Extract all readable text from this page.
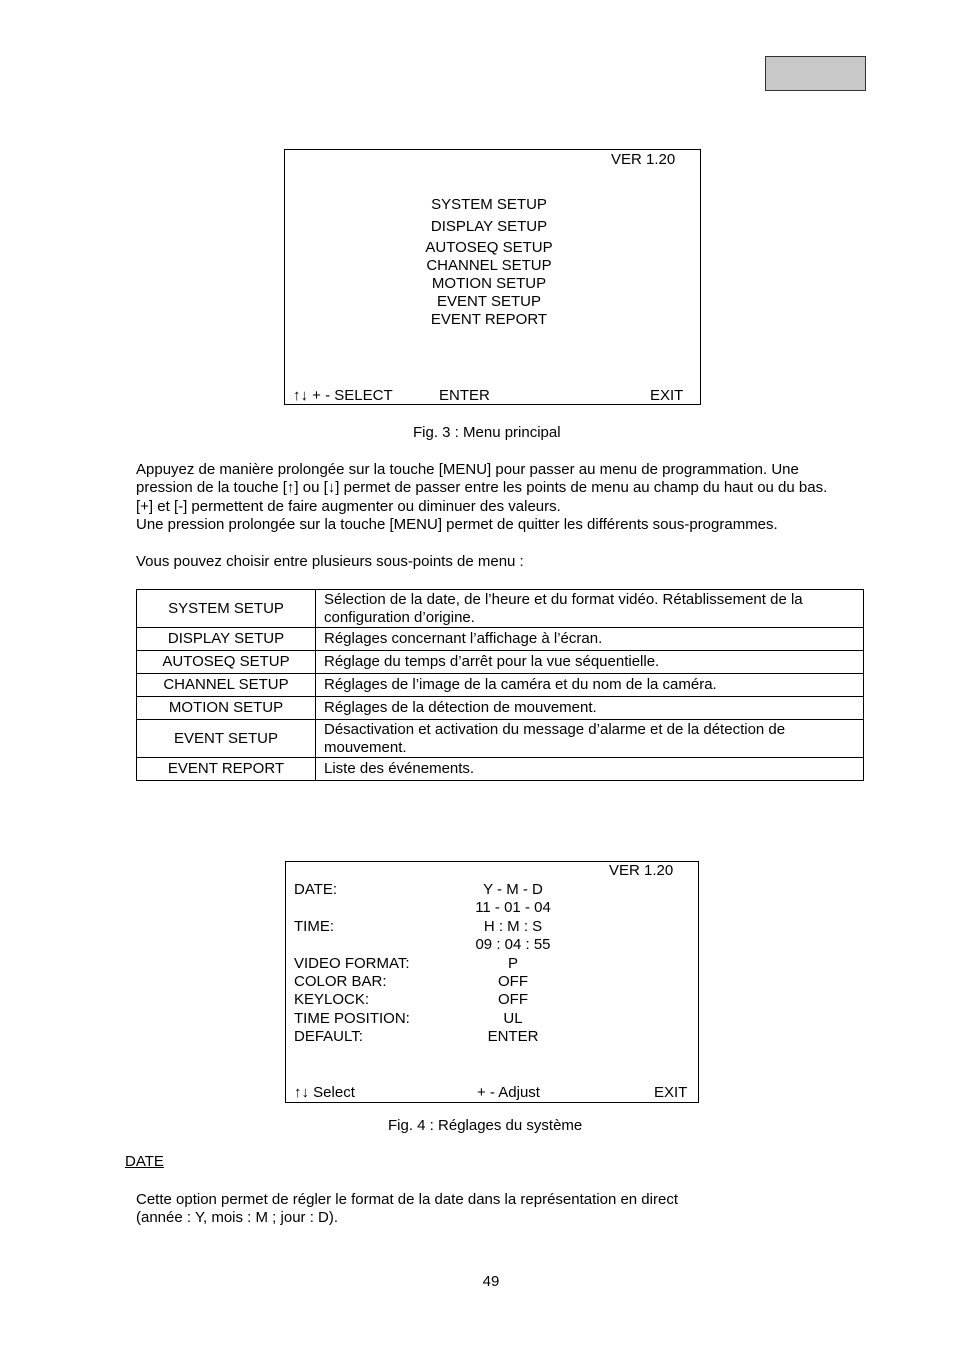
VER 1.20
SYSTEM SETUP
DISPLAY SETUP
AUTOSEQ SETUP
CHANNEL SETUP
MOTION SETUP
EVENT SETUP
EVENT REPORT
↑↓ + - SELECT	ENTER	EXIT
Fig. 3 : Menu principal

Appuyez de manière prolongée sur la touche [MENU] pour passer au menu de programmation. Une

pression de la touche [↑] ou [↓] permet de passer entre les points de menu au champ du haut ou du bas.

[+] et [-] permettent de faire augmenter ou diminuer des valeurs.

Une pression prolongée sur la touche [MENU] permet de quitter les différents sous-programmes.

Vous pouvez choisir entre plusieurs sous-points de menu :
SYSTEM SETUP	Sélection de la date, de l’heure et du format vidéo. Rétablissement de la configuration d’origine.
DISPLAY SETUP	Réglages concernant l’affichage à l’écran.
AUTOSEQ SETUP	Réglage du temps d’arrêt pour la vue séquentielle.
CHANNEL SETUP	Réglages de l’image de la caméra et du nom de la caméra.
MOTION SETUP	Réglages de la détection de mouvement.
EVENT SETUP	Désactivation et activation du message d’alarme et de la détection de mouvement.
EVENT REPORT	Liste des événements.
VER 1.20
DATE:	Y - M - D
11 - 01 - 04
TIME:	H : M : S
09 : 04 : 55
VIDEO FORMAT:	P
COLOR BAR:	OFF
KEYLOCK:	OFF
TIME POSITION:	UL
DEFAULT:	ENTER
↑↓ Select	+ - Adjust	EXIT
Fig. 4 : Réglages du système
DATE

Cette option permet de régler le format de la date dans la représentation en direct

(année : Y, mois : M ; jour : D).

49
